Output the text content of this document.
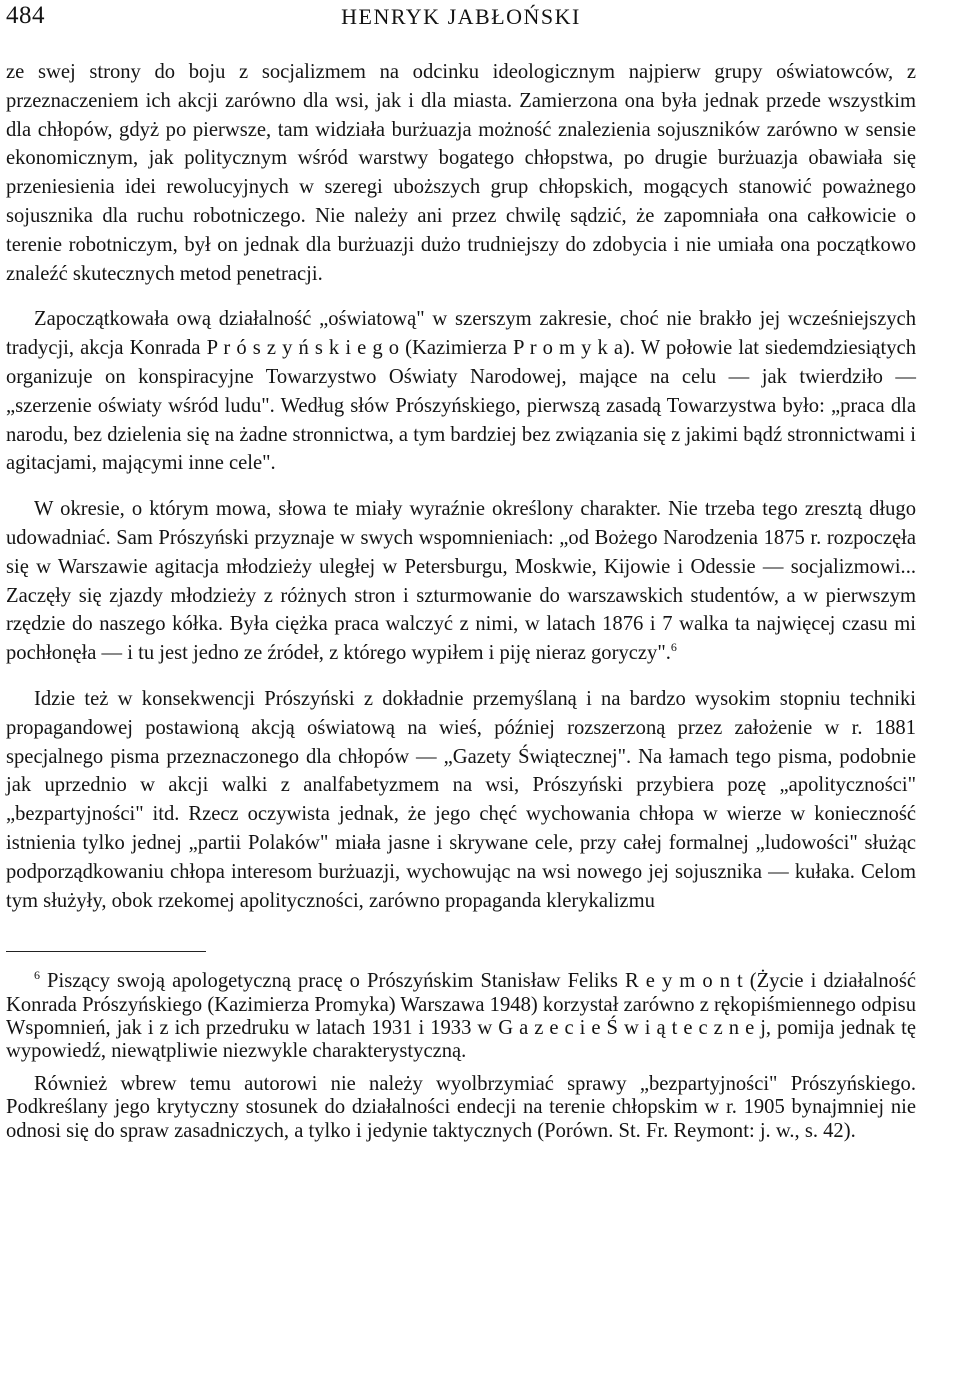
484	HENRYK JABŁOŃSKI

ze swej strony do boju z socjalizmem na odcinku ideologicznym najpierw grupy oświatowców, z przeznaczeniem ich akcji zarówno dla wsi, jak i dla miasta. Zamierzona ona była jednak przede wszystkim dla chłopów, gdyż po pierwsze, tam widziała burżuazja możność znalezienia sojuszników zarówno w sensie ekonomicznym, jak politycznym wśród warstwy bogatego chłopstwa, po drugie burżuazja obawiała się przeniesienia idei rewolucyjnych w szeregi uboższych grup chłopskich, mogących stanowić poważnego sojusznika dla ruchu robotniczego. Nie należy ani przez chwilę sądzić, że zapomniała ona całkowicie o terenie robotniczym, był on jednak dla burżuazji dużo trudniejszy do zdobycia i nie umiała ona początkowo znaleźć skutecznych metod penetracji.

Zapoczątkowała ową działalność „oświatową" w szerszym zakresie, choć nie brakło jej wcześniejszych tradycji, akcja Konrada P r ó s z y ń s k i e g o (Kazimierza P r o m y k a). W połowie lat siedemdziesiątych organizuje on konspiracyjne Towarzystwo Oświaty Narodowej, mające na celu — jak twierdziło — „szerzenie oświaty wśród ludu". Według słów Prószyńskiego, pierwszą zasadą Towarzystwa było: „praca dla narodu, bez dzielenia się na żadne stronnictwa, a tym bardziej bez związania się z jakimi bądź stronnictwami i agitacjami, mającymi inne cele".

W okresie, o którym mowa, słowa te miały wyraźnie określony charakter. Nie trzeba tego zresztą długo udowadniać. Sam Prószyński przyznaje w swych wspomnieniach: „od Bożego Narodzenia 1875 r. rozpoczęła się w Warszawie agitacja młodzieży uległej w Petersburgu, Moskwie, Kijowie i Odessie — socjalizmowi... Zaczęły się zjazdy młodzieży z różnych stron i szturmowanie do warszawskich studentów, a w pierwszym rzędzie do naszego kółka. Była ciężka praca walczyć z nimi, w latach 1876 i 7 walka ta najwięcej czasu mi pochłonęła — i tu jest jedno ze źródeł, z którego wypiłem i piję nieraz goryczy".$^6$

Idzie też w konsekwencji Prószyński z dokładnie przemyślaną i na bardzo wysokim stopniu techniki propagandowej postawioną akcją oświatową na wieś, później rozszerzoną przez założenie w r. 1881 specjalnego pisma przeznaczonego dla chłopów — „Gazety Świątecznej". Na łamach tego pisma, podobnie jak uprzednio w akcji walki z analfabetyzmem na wsi, Prószyński przybiera pozę „apolityczności" „bezpartyjności" itd. Rzecz oczywista jednak, że jego chęć wychowania chłopa w wierze w konieczność istnienia tylko jednej „partii Polaków" miała jasne i skrywane cele, przy całej formalnej „ludowości" służąc podporządkowaniu chłopa interesom burżuazji, wychowując na wsi nowego jej sojusznika — kułaka. Celom tym służyły, obok rzekomej apolityczności, zarówno propaganda klerykalizmu

$^6$ Piszący swoją apologetyczną pracę o Prószyńskim Stanisław Feliks R e y m o n t (Życie i działalność Konrada Prószyńskiego (Kazimierza Promyka) Warszawa 1948) korzystał zarówno z rękopiśmiennego odpisu Wspomnień, jak i z ich przedruku w latach 1931 i 1933 w G a z e c i e Ś w i ą t e c z n e j, pomija jednak tę wypowiedź, niewątpliwie niezwykle charakterystyczną.

Również wbrew temu autorowi nie należy wyolbrzymiać sprawy „bezpartyjności" Prószyńskiego. Podkreślany jego krytyczny stosunek do działalności endecji na terenie chłopskim w r. 1905 bynajmniej nie odnosi się do spraw zasadniczych, a tylko i jedynie taktycznych (Porówn. St. Fr. Reymont: j. w., s. 42).
